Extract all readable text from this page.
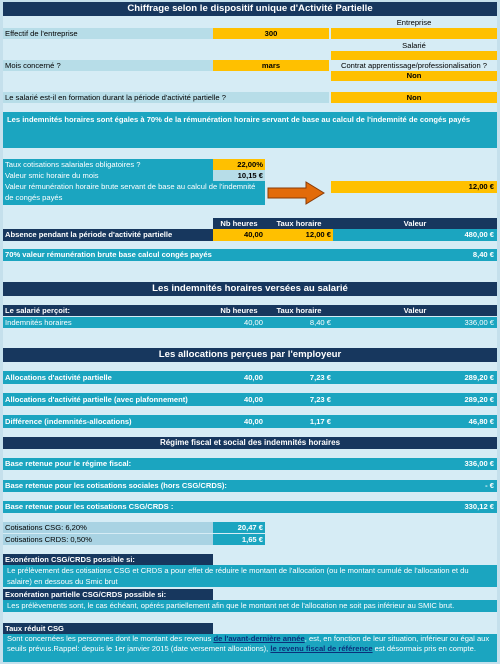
Chiffrage selon le dispositif unique d'Activité Partielle
Entreprise
Effectif de l'entreprise	300
Salarié
Mois concerné ?	mars	Contrat apprentissage/professionalisation ?
Non
Le salarié est-il en formation durant la période d'activité partielle ?	Non
Les indemnités horaires sont égales à 70% de la rémunération horaire servant de base au calcul de l'indemnité de congés payés
Taux cotisations salariales obligatoires ?	22,00%
Valeur smic horaire du mois	10,15 €
Valeur rémunération horaire brute servant de base au calcul de l'indemnité de congés payés
12,00 €
Nb heures	Taux horaire	Valeur
Absence pendant la période d'activité partielle	40,00	12,00 €	480,00 €
70% valeur rémunération brute base calcul congés payés	8,40 €
Les indemnités horaires versées au salarié
Le salarié perçoit:	Nb heures	Taux horaire	Valeur
Indemnités horaires	40,00	8,40 €	336,00 €
Les allocations perçues par l'employeur
Allocations d'activité partielle	40,00	7,23 €	289,20 €
Allocations d'activité partielle (avec plafonnement)	40,00	7,23 €	289,20 €
Différence (indemnités-allocations)	40,00	1,17 €	46,80 €
Régime fiscal et social des indemnités horaires
Base retenue pour le régime fiscal:	336,00 €
Base retenue pour les cotisations sociales (hors CSG/CRDS):	- €
Base retenue pour les cotisations CSG/CRDS :	330,12 €
Cotisations CSG: 6,20%	20,47 €
Cotisations CRDS: 0,50%	1,65 €
Exonération CSG/CRDS possible si:
Le prélèvement des cotisations CSG et CRDS a pour effet de réduire le montant de l'allocation (ou le montant cumulé de l'allocation et du salaire) en dessous du Smic brut
Exonération partielle CSG/CRDS possible si:
Les prélèvements sont, le cas échéant, opérés partiellement afin que le montant net de l'allocation ne soit pas inférieur au SMIC brut.
Taux réduit CSG
Sont concernées les personnes dont le montant des revenus de l'avant-dernière année, est, en fonction de leur situation, inférieur ou égal aux seuils prévus.Rappel: depuis le 1er janvier 2015 (date versement allocations), le revenu fiscal de référence est désormais pris en compte.
